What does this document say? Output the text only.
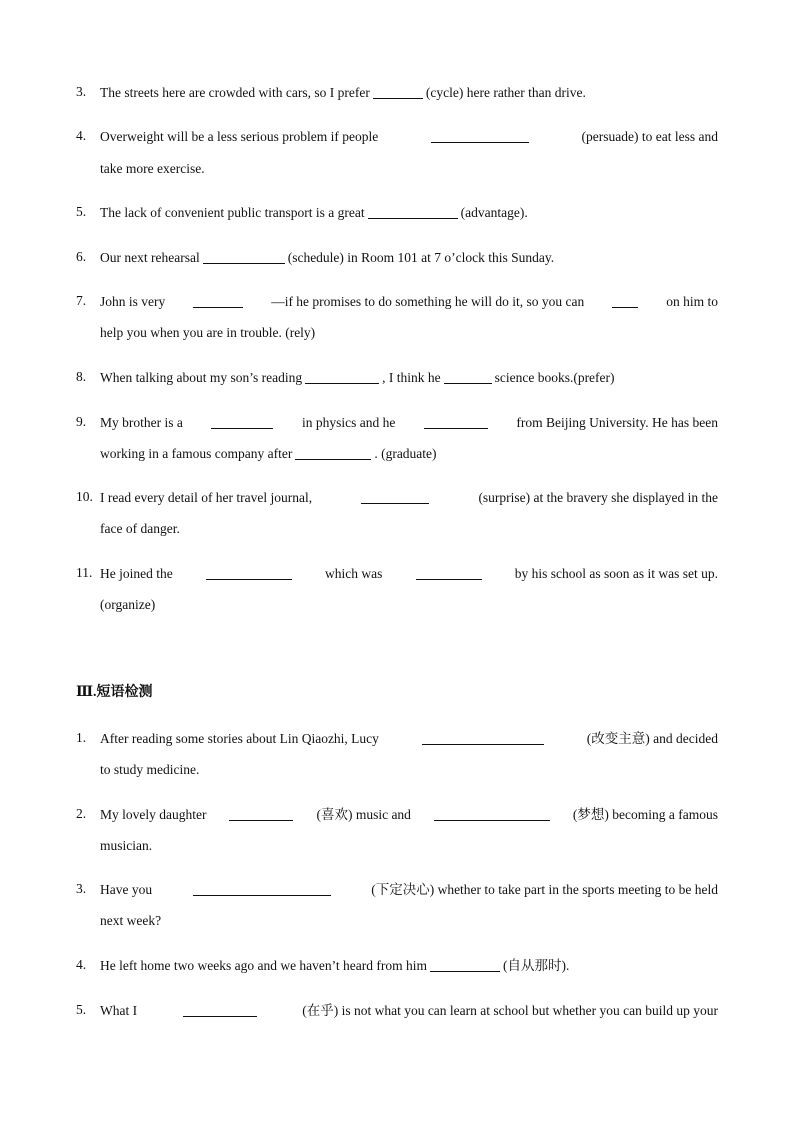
3. The streets here are crowded with cars, so I prefer	(cycle) here rather than drive.
4. Overweight will be a less serious problem if people	(persuade) to eat less and
take more exercise.
5. The lack of convenient public transport is a great	(advantage).
6. Our next rehearsal	(schedule) in Room 101 at 7 o’clock this Sunday.
7. John is very	—if he promises to do something he will do it, so you can	on him to
help you when you are in trouble. (rely)
8. When talking about my son’s reading	, I think he	science books.(prefer)
9. My brother is a	in physics and he	from Beijing University. He has been
working in a famous company after	. (graduate)
10. I read every detail of her travel journal,	(surprise) at the bravery she displayed in the
face of danger.
11. He joined the	which was	by his school as soon as it was set up.
(organize)
Ⅲ.短语检测
1. After reading some stories about Lin Qiaozhi, Lucy	(改变主意) and decided
to study medicine.
2. My lovely daughter	(喜欢) music and	(梦想) becoming a famous
musician.
3. Have you	(下定决心) whether to take part in the sports meeting to be held
next week?
4. He left home two weeks ago and we haven’t heard from him	(自从那时).
5. What I	(在乎) is not what you can learn at school but whether you can build up your
